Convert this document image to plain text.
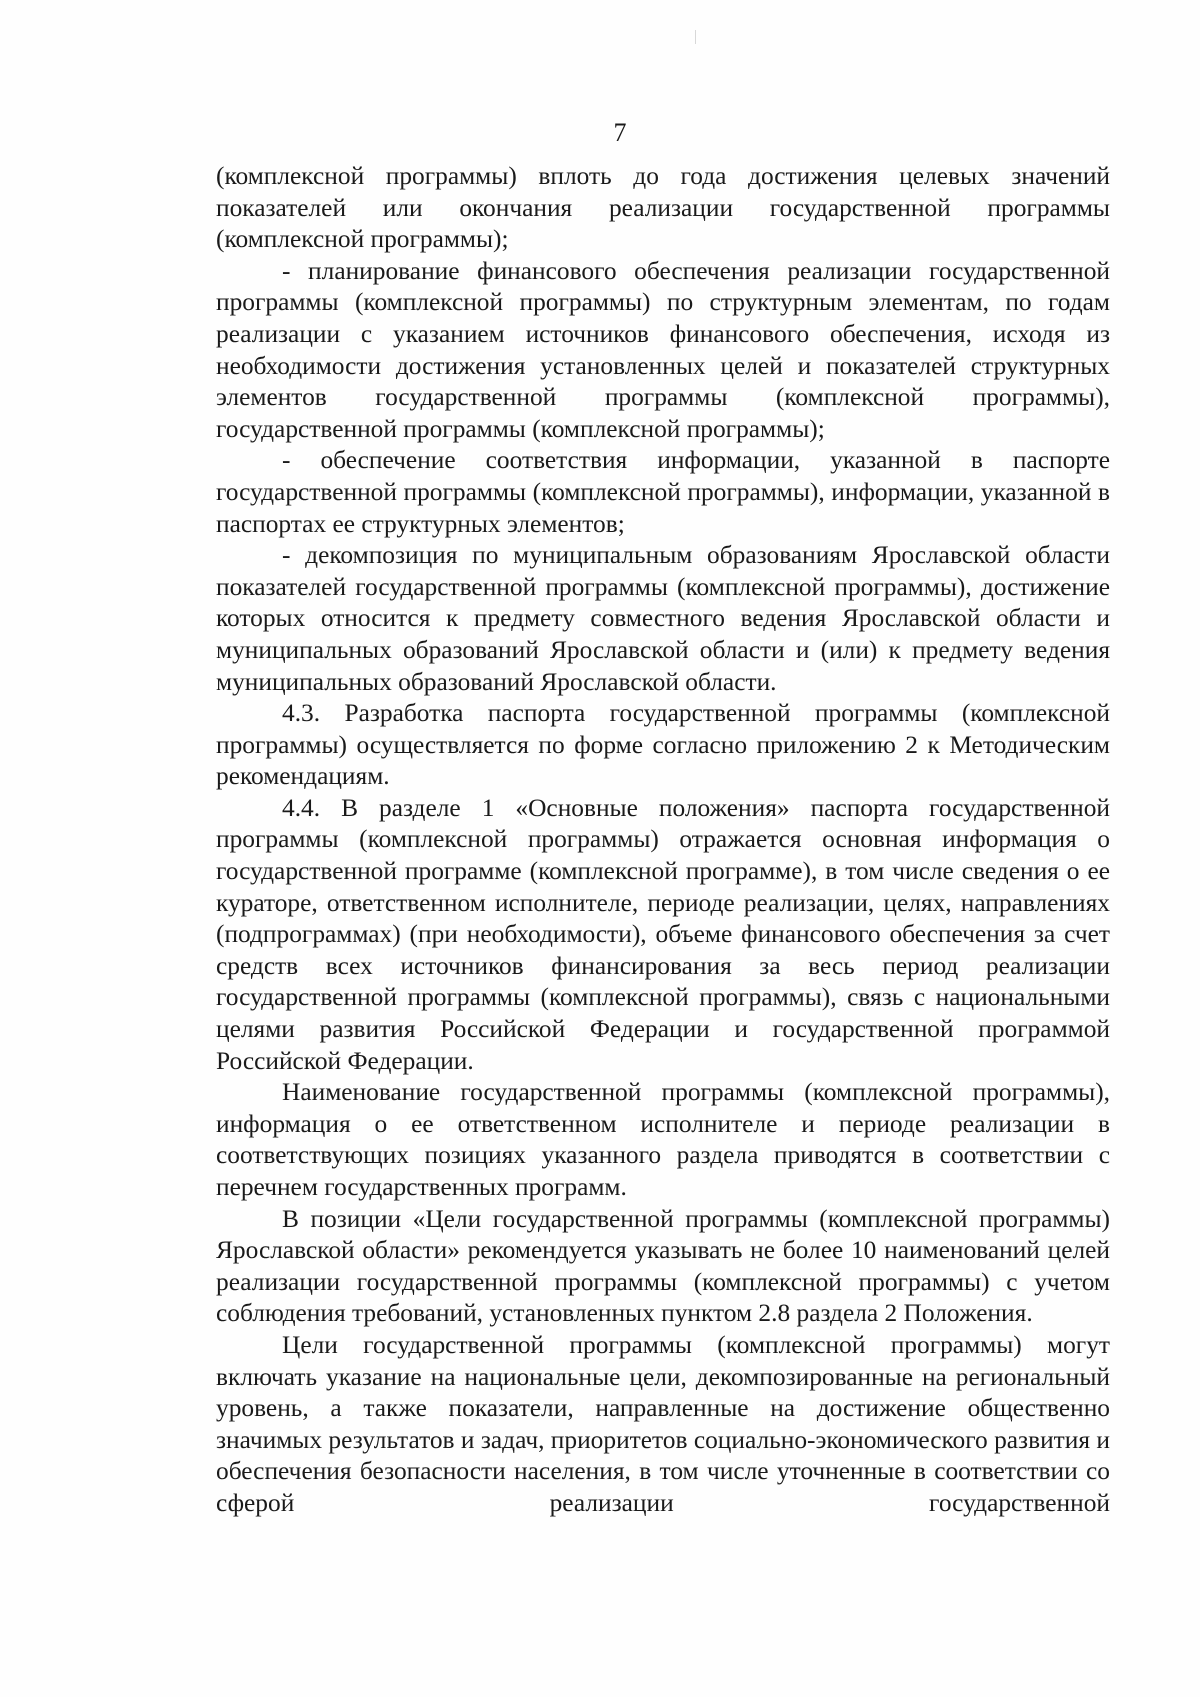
7

(комплексной программы) вплоть до года достижения целевых значений показателей или окончания реализации государственной программы (комплексной программы);

- планирование финансового обеспечения реализации государственной программы (комплексной программы) по структурным элементам, по годам реализации с указанием источников финансового обеспечения, исходя из необходимости достижения установленных целей и показателей структурных элементов государственной программы (комплексной программы), государственной программы (комплексной программы);

- обеспечение соответствия информации, указанной в паспорте государственной программы (комплексной программы), информации, указанной в паспортах ее структурных элементов;

- декомпозиция по муниципальным образованиям Ярославской области показателей государственной программы (комплексной программы), достижение которых относится к предмету совместного ведения Ярославской области и муниципальных образований Ярославской области и (или) к предмету ведения муниципальных образований Ярославской области.

4.3. Разработка паспорта государственной программы (комплексной программы) осуществляется по форме согласно приложению 2 к Методическим рекомендациям.

4.4. В разделе 1 «Основные положения» паспорта государственной программы (комплексной программы) отражается основная информация о государственной программе (комплексной программе), в том числе сведения о ее кураторе, ответственном исполнителе, периоде реализации, целях, направлениях (подпрограммах) (при необходимости), объеме финансового обеспечения за счет средств всех источников финансирования за весь период реализации государственной программы (комплексной программы), связь с национальными целями развития Российской Федерации и государственной программой Российской Федерации.

Наименование государственной программы (комплексной программы), информация о ее ответственном исполнителе и периоде реализации в соответствующих позициях указанного раздела приводятся в соответствии с перечнем государственных программ.

В позиции «Цели государственной программы (комплексной программы) Ярославской области» рекомендуется указывать не более 10 наименований целей реализации государственной программы (комплексной программы) с учетом соблюдения требований, установленных пунктом 2.8 раздела 2 Положения.

Цели государственной программы (комплексной программы) могут включать указание на национальные цели, декомпозированные на региональный уровень, а также показатели, направленные на достижение общественно значимых результатов и задач, приоритетов социально-экономического развития и обеспечения безопасности населения, в том числе уточненные в соответствии со сферой реализации государственной
